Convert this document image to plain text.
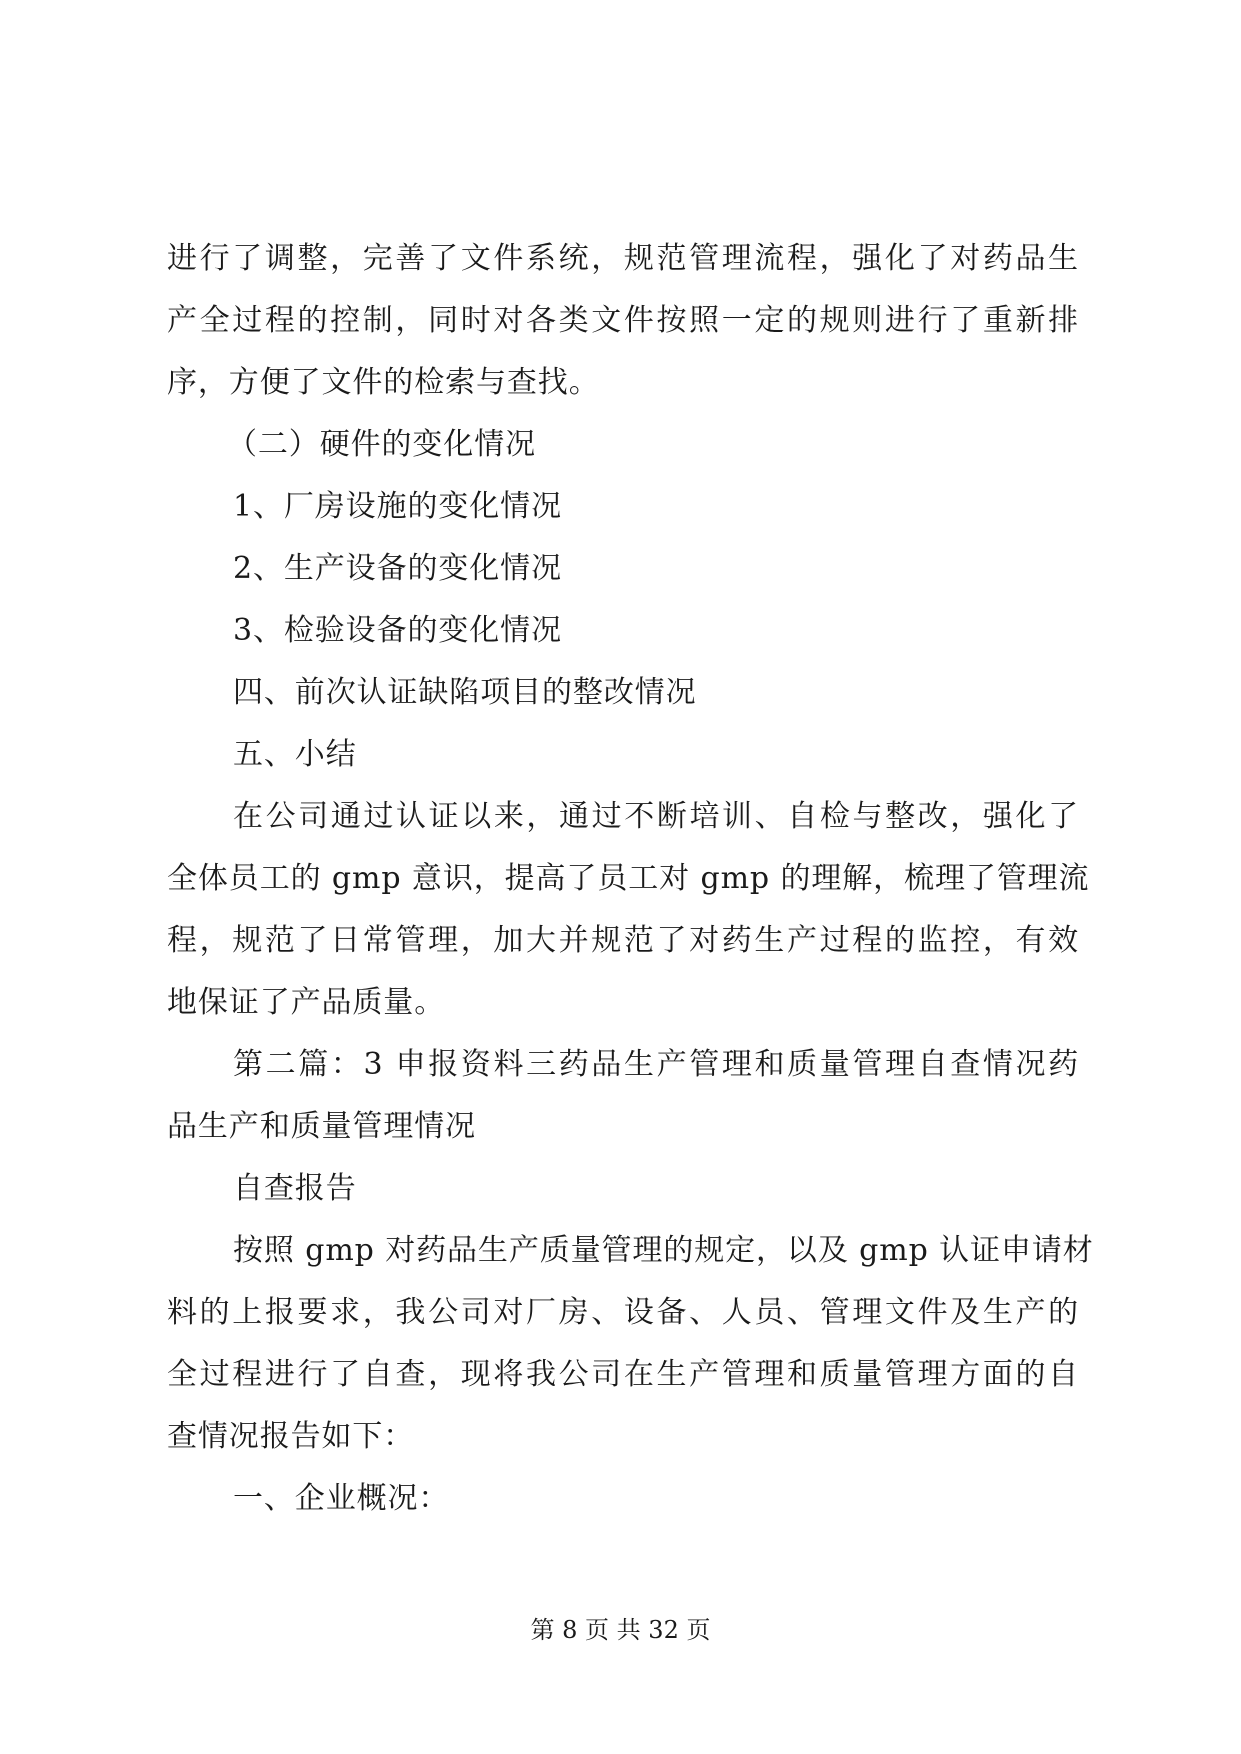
进行了调整，完善了文件系统，规范管理流程，强化了对药品生
产全过程的控制，同时对各类文件按照一定的规则进行了重新排
序，方便了文件的检索与查找。
（二）硬件的变化情况
1、厂房设施的变化情况
2、生产设备的变化情况
3、检验设备的变化情况
四、前次认证缺陷项目的整改情况
五、小结
在公司通过认证以来，通过不断培训、自检与整改，强化了
全体员工的 gmp 意识，提高了员工对 gmp 的理解，梳理了管理流
程，规范了日常管理，加大并规范了对药生产过程的监控，有效
地保证了产品质量。
第二篇：3 申报资料三药品生产管理和质量管理自查情况药
品生产和质量管理情况
自查报告
按照 gmp 对药品生产质量管理的规定，以及 gmp 认证申请材
料的上报要求，我公司对厂房、设备、人员、管理文件及生产的
全过程进行了自查，现将我公司在生产管理和质量管理方面的自
查情况报告如下：
一、企业概况：
第 8 页 共 32 页
